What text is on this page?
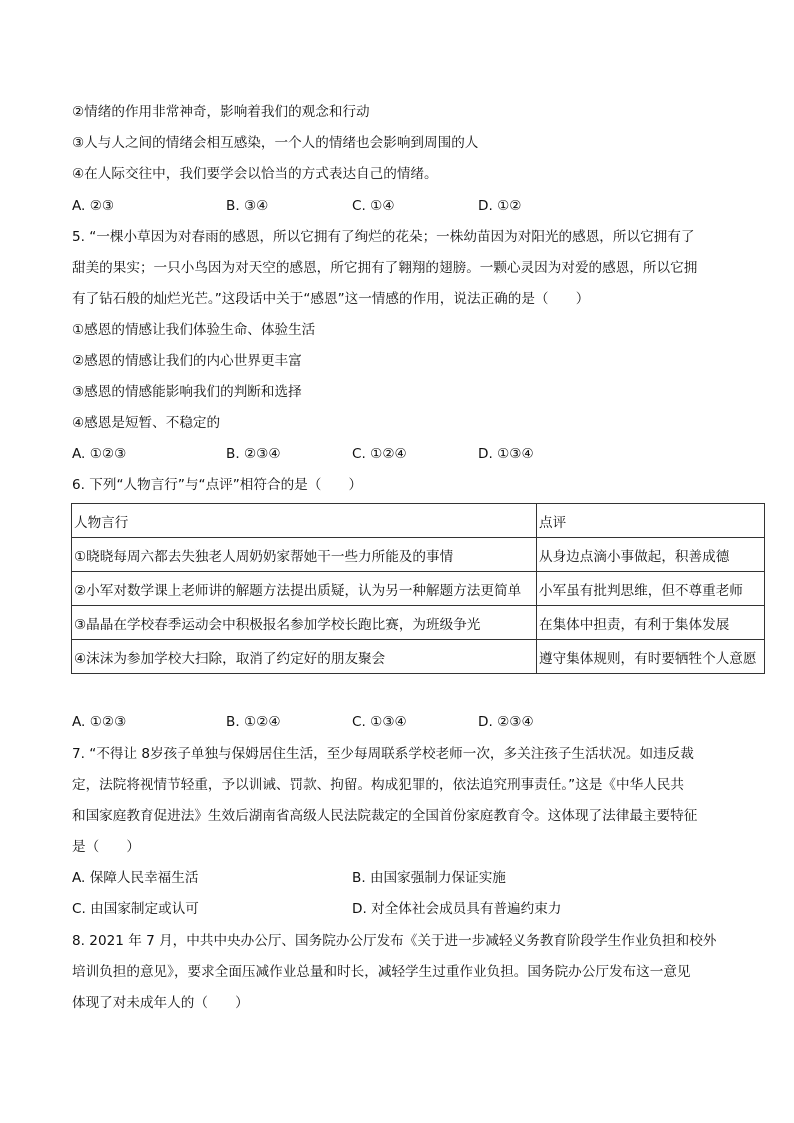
②情绪的作用非常神奇，影响着我们的观念和行动
③人与人之间的情绪会相互感染，一个人的情绪也会影响到周围的人
④在人际交往中，我们要学会以恰当的方式表达自己的情绪。
A. ②③	B. ③④	C. ①④	D. ①②
5. “一棵小草因为对春雨的感恩，所以它拥有了绚烂的花朵；一株幼苗因为对阳光的感恩，所以它拥有了
甜美的果实；一只小鸟因为对天空的感恩，所它拥有了翱翔的翅膀。一颗心灵因为对爱的感恩，所以它拥
有了钻石般的灿烂光芒。”这段话中关于“感恩”这一情感的作用，说法正确的是（　　）
①感恩的情感让我们体验生命、体验生活
②感恩的情感让我们的内心世界更丰富
③感恩的情感能影响我们的判断和选择
④感恩是短暂、不稳定的
A. ①②③	B. ②③④	C. ①②④	D. ①③④
6. 下列“人物言行”与“点评”相符合的是（　　）
人物言行	点评
①晓晓每周六都去失独老人周奶奶家帮她干一些力所能及的事情	从身边点滴小事做起，积善成德
②小军对数学课上老师讲的解题方法提出质疑，认为另一种解题方法更简单	小军虽有批判思维，但不尊重老师
③晶晶在学校春季运动会中积极报名参加学校长跑比赛，为班级争光	在集体中担责，有利于集体发展
④沫沫为参加学校大扫除，取消了约定好的朋友聚会	遵守集体规则，有时要牺牲个人意愿
A. ①②③	B. ①②④	C. ①③④	D. ②③④
7. “不得让 8岁孩子单独与保姆居住生活，至少每周联系学校老师一次，多关注孩子生活状况。如违反裁
定，法院将视情节轻重，予以训诫、罚款、拘留。构成犯罪的，依法追究刑事责任。”这是《中华人民共
和国家庭教育促进法》生效后湖南省高级人民法院裁定的全国首份家庭教育令。这体现了法律最主要特征
是（　　）
A. 保障人民幸福生活	B. 由国家强制力保证实施
C. 由国家制定或认可	D. 对全体社会成员具有普遍约束力
8. 2021 年 7 月，中共中央办公厅、国务院办公厅发布《关于进一步减轻义务教育阶段学生作业负担和校外
培训负担的意见》，要求全面压减作业总量和时长，减轻学生过重作业负担。国务院办公厅发布这一意见
体现了对未成年人的（　　）
